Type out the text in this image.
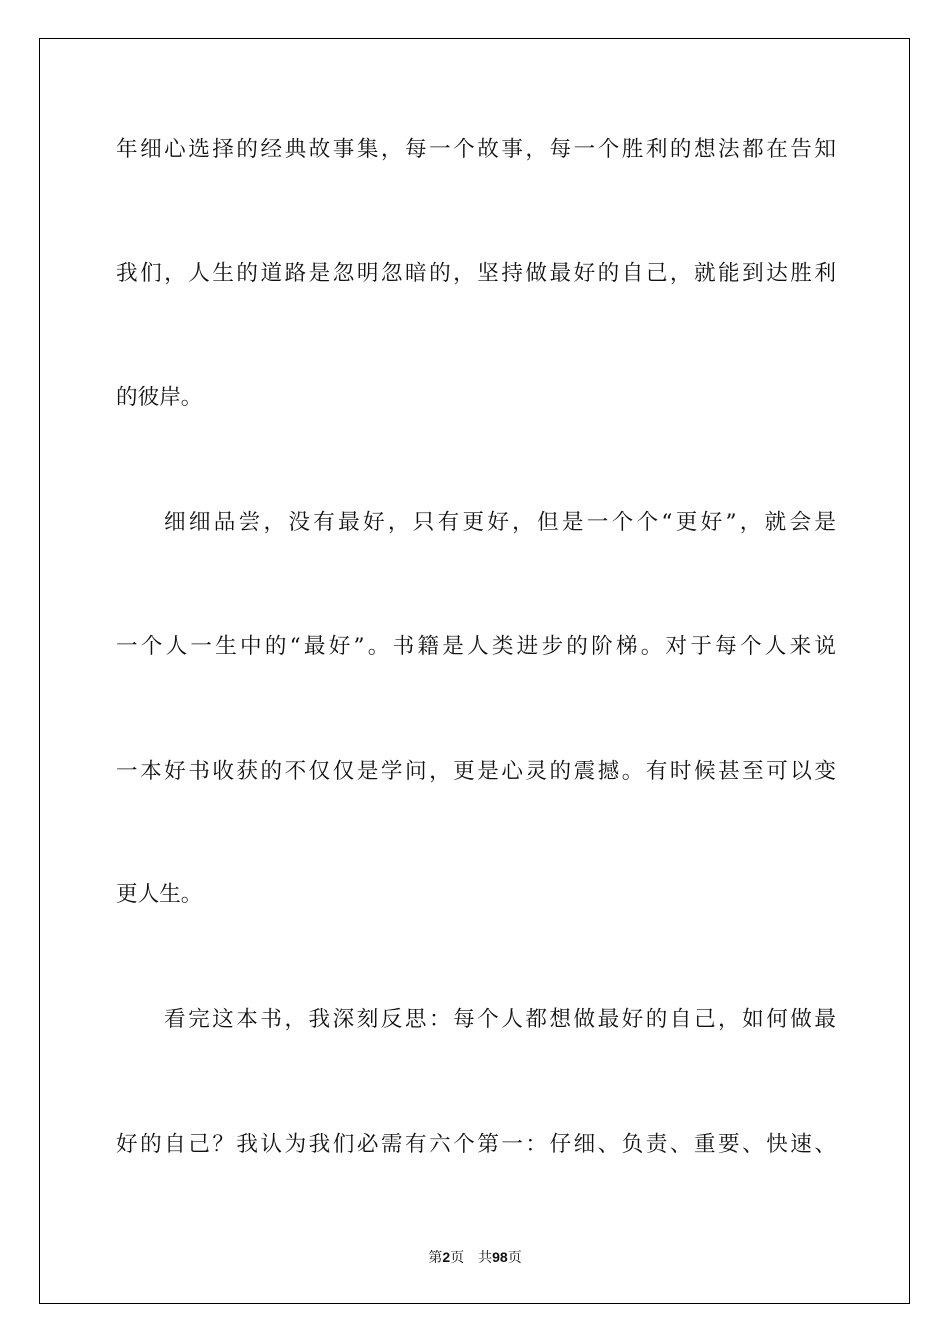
年细心选择的经典故事集，每一个故事，每一个胜利的想法都在告知

我们，人生的道路是忽明忽暗的，坚持做最好的自己，就能到达胜利

的彼岸。

细细品尝，没有最好，只有更好，但是一个个“更好”，就会是

一个人一生中的“最好”。书籍是人类进步的阶梯。对于每个人来说

一本好书收获的不仅仅是学问，更是心灵的震撼。有时候甚至可以变

更人生。

看完这本书，我深刻反思：每个人都想做最好的自己，如何做最

好的自己？我认为我们必需有六个第一：仔细、负责、重要、快速、

第2页 共98页
